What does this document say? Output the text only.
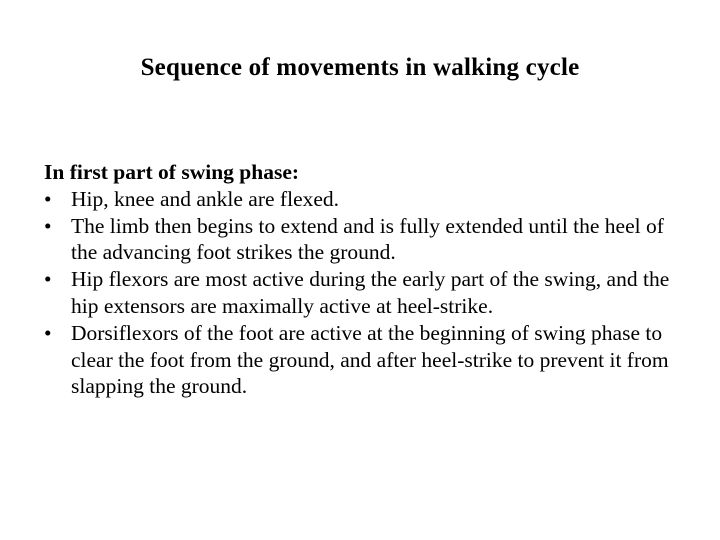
Sequence of movements in walking cycle

In first part of swing phase:

• Hip, knee and ankle are flexed.
• The limb then begins to extend and is fully extended until the heel of the advancing foot strikes the ground.
• Hip flexors are most active during the early part of the swing, and the hip extensors are maximally active at heel-strike.
• Dorsiflexors of the foot are active at the beginning of swing phase to clear the foot from the ground, and after heel-strike to prevent it from slapping the ground.
